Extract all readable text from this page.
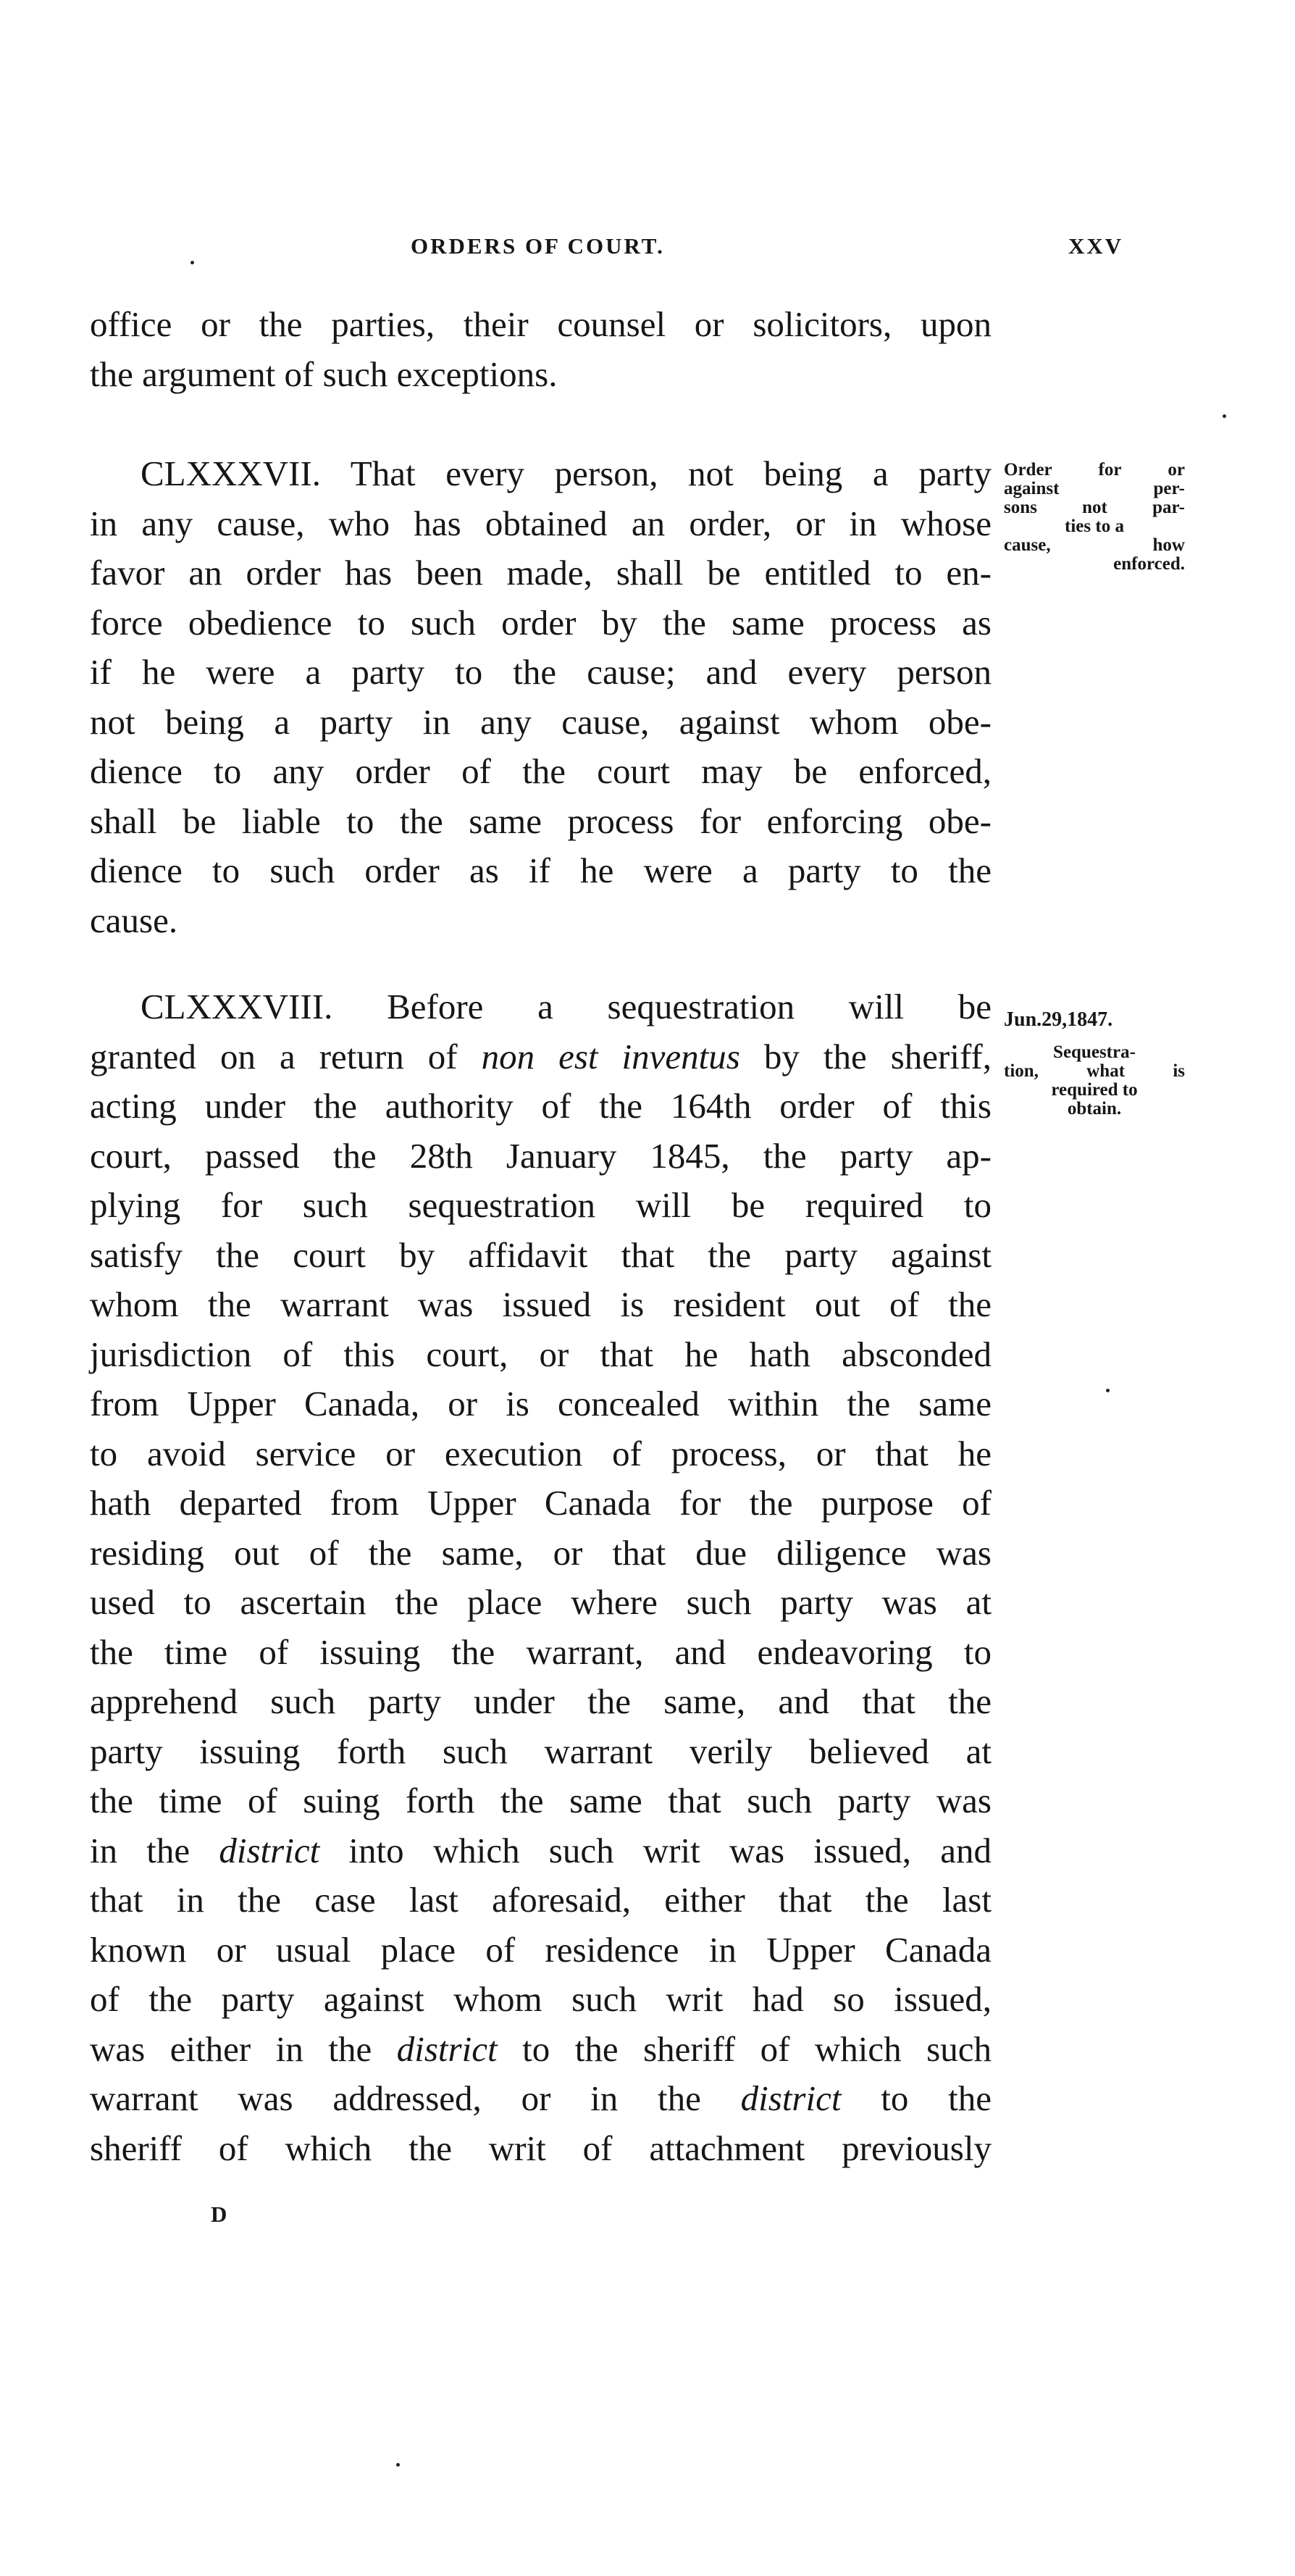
ORDERS OF COURT.	XXV
office or the parties, their counsel or solicitors, upon
the argument of such exceptions.
CLXXXVII. That every person, not being a party
in any cause, who has obtained an order, or in whose
favor an order has been made, shall be entitled to en-
force obedience to such order by the same process as
if he were a party to the cause; and every person
not being a party in any cause, against whom obe-
dience to any order of the court may be enforced,
shall be liable to the same process for enforcing obe-
dience to such order as if he were a party to the
cause.
Order for or
against per-
sons not par-
ties to a
cause, how
enforced.
CLXXXVIII. Before a sequestration will be
granted on a return of non est inventus by the sheriff,
acting under the authority of the 164th order of this
court, passed the 28th January 1845, the party ap-
plying for such sequestration will be required to
satisfy the court by affidavit that the party against
whom the warrant was issued is resident out of the
jurisdiction of this court, or that he hath absconded
from Upper Canada, or is concealed within the same
to avoid service or execution of process, or that he
hath departed from Upper Canada for the purpose of
residing out of the same, or that due diligence was
used to ascertain the place where such party was at
the time of issuing the warrant, and endeavoring to
apprehend such party under the same, and that the
party issuing forth such warrant verily believed at
the time of suing forth the same that such party was
in the district into which such writ was issued, and
that in the case last aforesaid, either that the last
known or usual place of residence in Upper Canada
of the party against whom such writ had so issued,
was either in the district to the sheriff of which such
warrant was addressed, or in the district to the
sheriff of which the writ of attachment previously
Jun.29,1847.
Sequestra-
tion, what is
required to
obtain.
D
